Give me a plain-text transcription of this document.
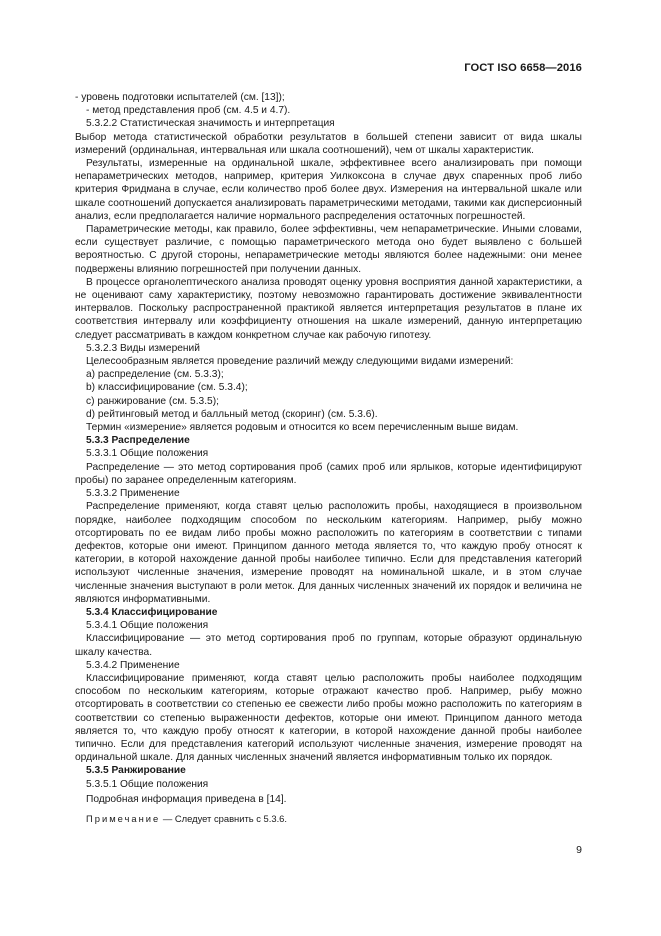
ГОСТ ISO 6658—2016

- уровень подготовки испытателей (см. [13]);

- метод представления проб (см. 4.5 и 4.7).

5.3.2.2 Статистическая значимость и интерпретация

Выбор метода статистической обработки результатов в большей степени зависит от вида шкалы измерений (ординальная, интервальная или шкала соотношений), чем от шкалы характеристик.

Результаты, измеренные на ординальной шкале, эффективнее всего анализировать при помощи непараметрических методов, например, критерия Уилкоксона в случае двух спаренных проб либо критерия Фридмана в случае, если количество проб более двух. Измерения на интервальной шкале или шкале соотношений допускается анализировать параметрическими методами, такими как дисперсионный анализ, если предполагается наличие нормального распределения остаточных погрешностей.

Параметрические методы, как правило, более эффективны, чем непараметрические. Иными словами, если существует различие, с помощью параметрического метода оно будет выявлено с большей вероятностью. С другой стороны, непараметрические методы являются более надежными: они менее подвержены влиянию погрешностей при получении данных.

В процессе органолептического анализа проводят оценку уровня восприятия данной характеристики, а не оценивают саму характеристику, поэтому невозможно гарантировать достижение эквивалентности интервалов. Поскольку распространенной практикой является интерпретация результатов в плане их соответствия интервалу или коэффициенту отношения на шкале измерений, данную интерпретацию следует рассматривать в каждом конкретном случае как рабочую гипотезу.

5.3.2.3 Виды измерений

Целесообразным является проведение различий между следующими видами измерений:

a) распределение (см. 5.3.3);

b) классифицирование (см. 5.3.4);

c) ранжирование (см. 5.3.5);

d) рейтинговый метод и балльный метод (скоринг) (см. 5.3.6).

Термин «измерение» является родовым и относится ко всем перечисленным выше видам.

5.3.3 Распределение

5.3.3.1 Общие положения

Распределение — это метод сортирования проб (самих проб или ярлыков, которые идентифицируют пробы) по заранее определенным категориям.

5.3.3.2 Применение

Распределение применяют, когда ставят целью расположить пробы, находящиеся в произвольном порядке, наиболее подходящим способом по нескольким категориям. Например, рыбу можно отсортировать по ее видам либо пробы можно расположить по категориям в соответствии с типами дефектов, которые они имеют. Принципом данного метода является то, что каждую пробу относят к категории, в которой нахождение данной пробы наиболее типично. Если для представления категорий используют численные значения, измерение проводят на номинальной шкале, и в этом случае численные значения выступают в роли меток. Для данных численных значений их порядок и величина не являются информативными.

5.3.4 Классифицирование

5.3.4.1 Общие положения

Классифицирование — это метод сортирования проб по группам, которые образуют ординальную шкалу качества.

5.3.4.2 Применение

Классифицирование применяют, когда ставят целью расположить пробы наиболее подходящим способом по нескольким категориям, которые отражают качество проб. Например, рыбу можно отсортировать в соответствии со степенью ее свежести либо пробы можно расположить по категориям в соответствии со степенью выраженности дефектов, которые они имеют. Принципом данного метода является то, что каждую пробу относят к категории, в которой нахождение данной пробы наиболее типично. Если для представления категорий используют численные значения, измерение проводят на ординальной шкале. Для данных численных значений является информативным только их порядок.

5.3.5 Ранжирование

5.3.5.1 Общие положения

Подробная информация приведена в [14].

Примечание — Следует сравнить с 5.3.6.

9
